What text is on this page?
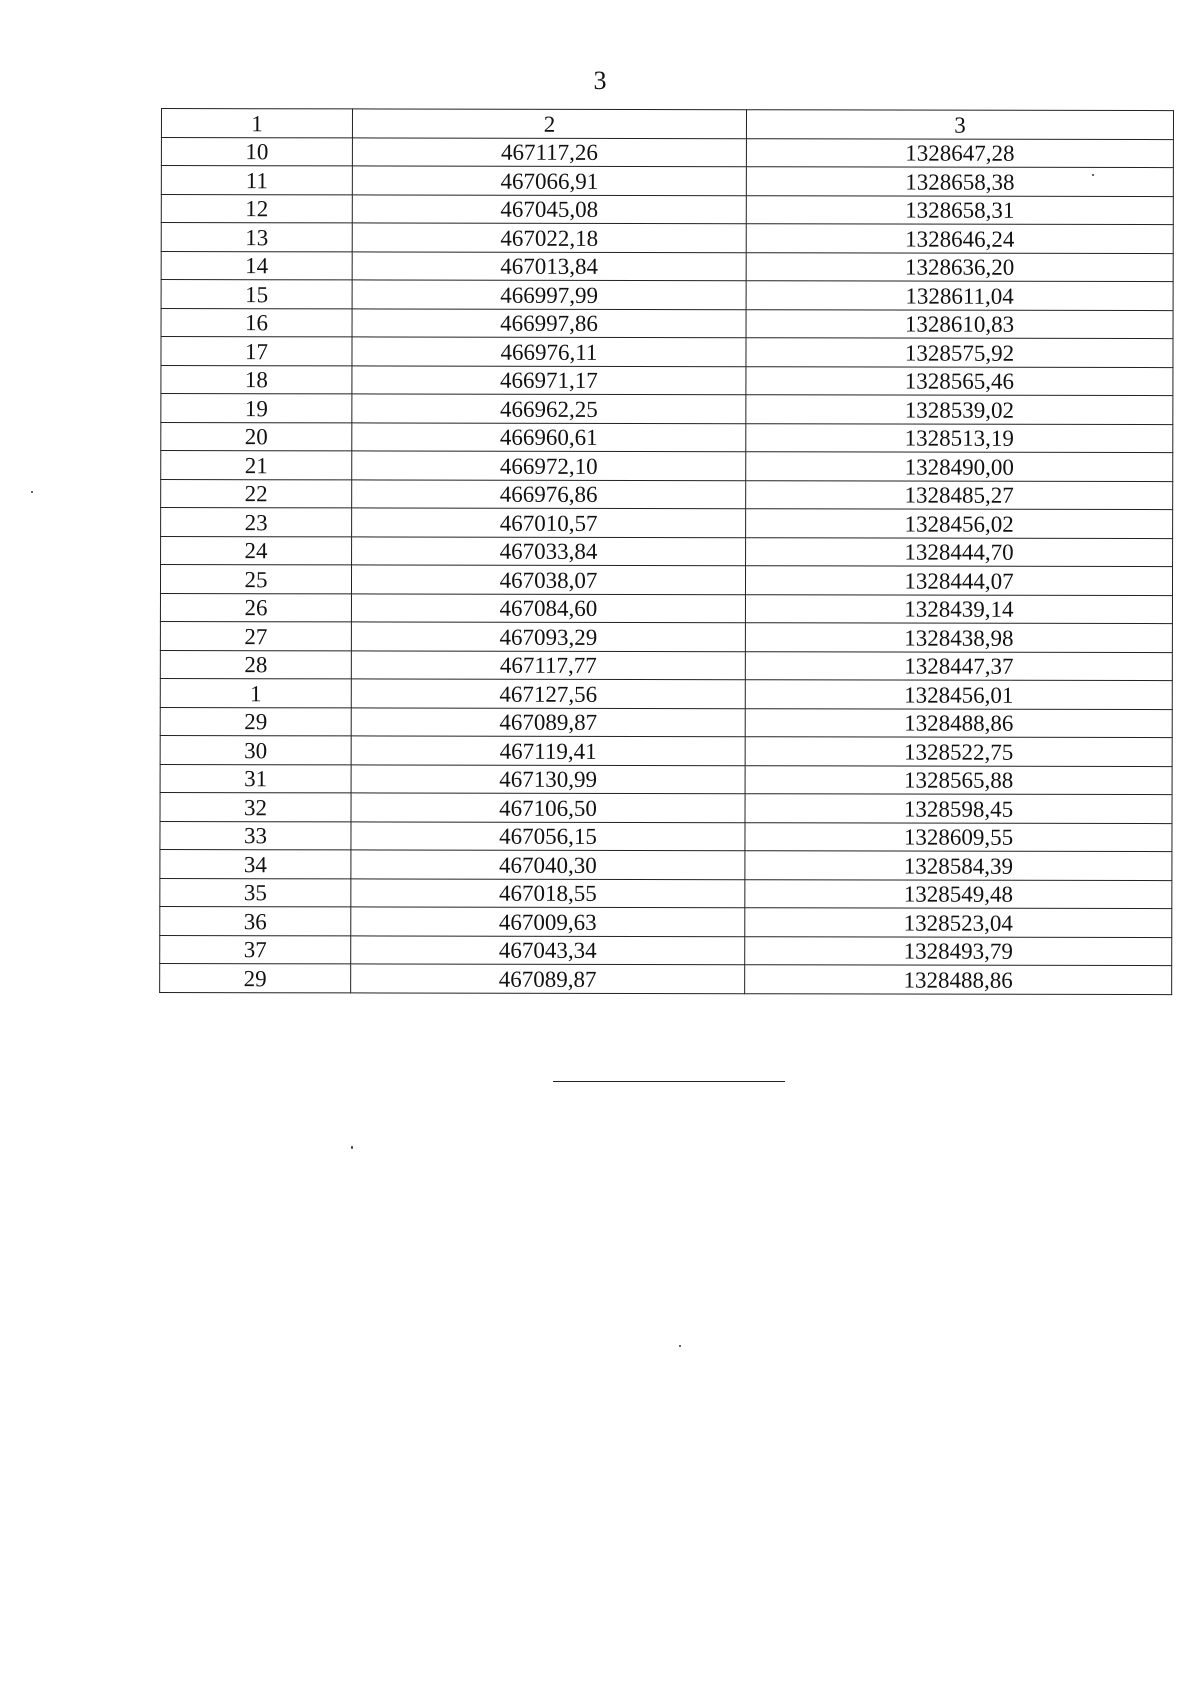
3
1	2	3
10	467117,26	1328647,28
11	467066,91	1328658,38
12	467045,08	1328658,31
13	467022,18	1328646,24
14	467013,84	1328636,20
15	466997,99	1328611,04
16	466997,86	1328610,83
17	466976,11	1328575,92
18	466971,17	1328565,46
19	466962,25	1328539,02
20	466960,61	1328513,19
21	466972,10	1328490,00
22	466976,86	1328485,27
23	467010,57	1328456,02
24	467033,84	1328444,70
25	467038,07	1328444,07
26	467084,60	1328439,14
27	467093,29	1328438,98
28	467117,77	1328447,37
1	467127,56	1328456,01
29	467089,87	1328488,86
30	467119,41	1328522,75
31	467130,99	1328565,88
32	467106,50	1328598,45
33	467056,15	1328609,55
34	467040,30	1328584,39
35	467018,55	1328549,48
36	467009,63	1328523,04
37	467043,34	1328493,79
29	467089,87	1328488,86
